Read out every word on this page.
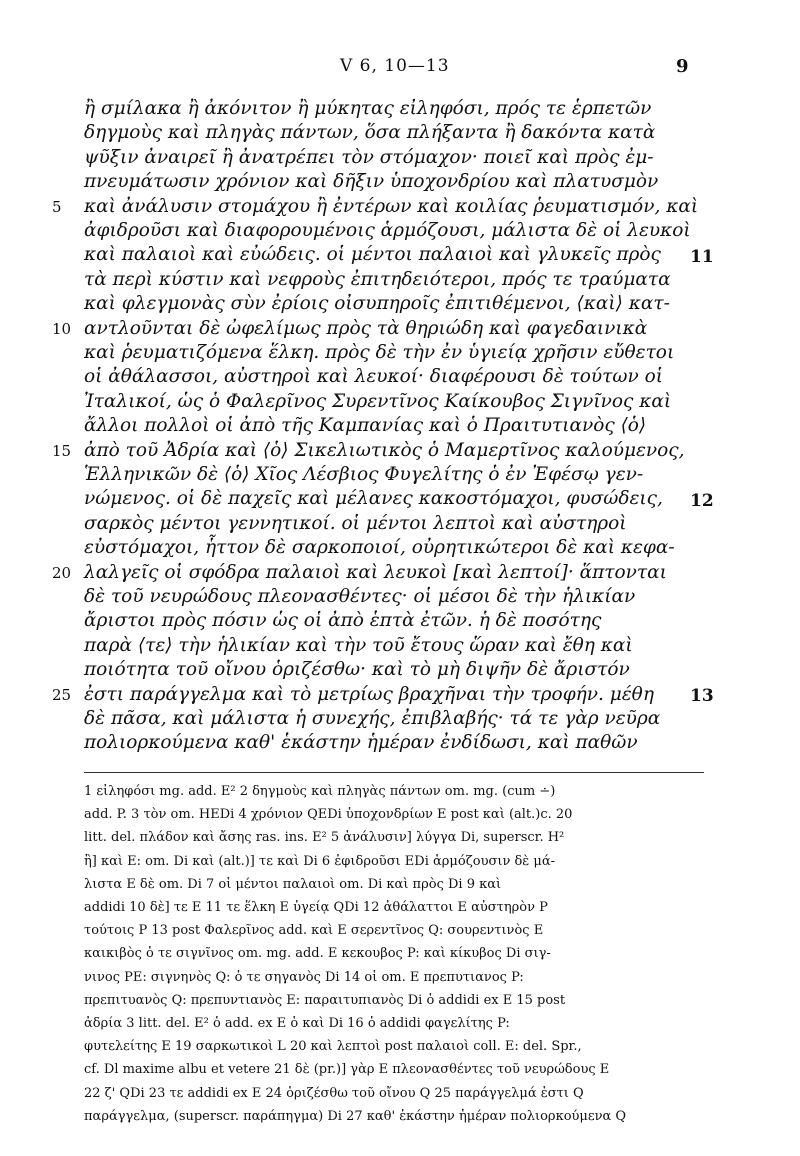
V 6, 10—13	9
ἢ σμίλακα ἢ ἀκόνιτον ἢ μύκητας εἰληφόσι, πρός τε ἑρπετῶν
δηγμοὺς καὶ πληγὰς πάντων, ὅσα πλήξαντα ἢ δακόντα κατὰ
ψῦξιν ἀναιρεῖ ἢ ἀνατρέπει τὸν στόμαχον· ποιεῖ καὶ πρὸς ἐμ-
πνευμάτωσιν χρόνιον καὶ δῆξιν ὑποχονδρίου καὶ πλατυσμὸν
καὶ ἀνάλυσιν στομάχου ἢ ἐντέρων καὶ κοιλίας ῥευματισμόν, καὶ
ἀφιδροῦσι καὶ διαφορουμένοις ἁρμόζουσι, μάλιστα δὲ οἱ λευκοὶ
καὶ παλαιοὶ καὶ εὐώδεις. οἱ μέντοι παλαιοὶ καὶ γλυκεῖς πρὸς
τὰ περὶ κύστιν καὶ νεφροὺς ἐπιτηδειότεροι, πρός τε τραύματα
καὶ φλεγμονὰς σὺν ἐρίοις οἰσυπηροῖς ἐπιτιθέμενοι, ⟨καὶ⟩ κατ-
αντλοῦνται δὲ ὠφελίμως πρὸς τὰ θηριώδη καὶ φαγεδαινικὰ
καὶ ῥευματιζόμενα ἕλκη. πρὸς δὲ τὴν ἐν ὑγιείᾳ χρῆσιν εὔθετοι
οἱ ἀθάλασσοι, αὐστηροὶ καὶ λευκοί· διαφέρουσι δὲ τούτων οἱ
Ἰταλικοί, ὡς ὁ Φαλερῖνος Συρεντῖνος Καίκουβος Σιγνῖνος καὶ
ἄλλοι πολλοὶ οἱ ἀπὸ τῆς Καμπανίας καὶ ὁ Πραιτυτιανὸς ⟨ὁ⟩
ἀπὸ τοῦ Ἀδρία καὶ ⟨ὁ⟩ Σικελιωτικὸς ὁ Μαμερτῖνος καλούμενος,
Ἑλληνικῶν δὲ ⟨ὁ⟩ Χῖος Λέσβιος Φυγελίτης ὁ ἐν Ἐφέσῳ γεν-
νώμενος. οἱ δὲ παχεῖς καὶ μέλανες κακοστόμαχοι, φυσώδεις,
σαρκὸς μέντοι γεννητικοί. οἱ μέντοι λεπτοὶ καὶ αὐστηροὶ
εὐστόμαχοι, ἧττον δὲ σαρκοποιοί, οὐρητικώτεροι δὲ καὶ κεφα-
λαλγεῖς οἱ σφόδρα παλαιοὶ καὶ λευκοὶ [καὶ λεπτοί]· ἅπτονται
δὲ τοῦ νευρώδους πλεονασθέντες· οἱ μέσοι δὲ τὴν ἡλικίαν
ἄριστοι πρὸς πόσιν ὡς οἱ ἀπὸ ἑπτὰ ἐτῶν. ἡ δὲ ποσότης
παρὰ ⟨τε⟩ τὴν ἡλικίαν καὶ τὴν τοῦ ἔτους ὥραν καὶ ἔθη καὶ
ποιότητα τοῦ οἴνου ὁριζέσθω· καὶ τὸ μὴ διψῆν δὲ ἄριστόν
ἐστι παράγγελμα καὶ τὸ μετρίως βραχῆναι τὴν τροφήν. μέθη
δὲ πᾶσα, καὶ μάλιστα ἡ συνεχής, ἐπιβλαβής· τά τε γὰρ νεῦρα
πολιορκούμενα καθ' ἑκάστην ἡμέραν ἐνδίδωσι, καὶ παθῶν
5
10
15
20
25
11
12
13
1 εἰληφόσι mg. add. E² 2 δηγμοὺς καὶ πληγὰς πάντων om. mg. (cum ∸)
add. P. 3 τὸν om. HEDi 4 χρόνιον QEDi ὑποχονδρίων E post καὶ (alt.)c. 20
litt. del. πλάδον καὶ ἄσης ras. ins. E² 5 ἀνάλυσιν] λύγγα Di, superscr. H²
ἢ] καὶ E: om. Di καὶ (alt.)] τε καὶ Di 6 ἐφιδροῦσι EDi ἁρμόζουσιν δὲ μά-
λιστα E δὲ om. Di 7 οἱ μέντοι παλαιοὶ om. Di καὶ πρὸς Di 9 καὶ
addidi 10 δὲ] τε E 11 τε ἕλκη E ὑγείᾳ QDi 12 ἀθάλαττοι E αὐστηρὸν P
τούτοις P 13 post Φαλερῖνος add. καὶ E σερεντῖνος Q: σουρεντινὸς E
καικιβὸς ὁ τε σιγνῖνος om. mg. add. E κεκουβος P: καὶ κίκυβος Di σιγ-
νινος PE: σιγνηνὸς Q: ὁ τε σηγανὸς Di 14 οἱ om. E πρεπυτιανος P:
πρεπιτυανὸς Q: πρεπυντιανὸς E: παραιτυπιανὸς Di ὁ addidi ex E 15 post
ἀδρία 3 litt. del. E² ὁ add. ex E ὁ καὶ Di 16 ὁ addidi φαγελίτης P:
φυτελείτης E 19 σαρκωτικοὶ L 20 καὶ λεπτοὶ post παλαιοὶ coll. E: del. Spr.,
cf. Dl maxime albu et vetere 21 δὲ (pr.)] γὰρ E πλεονασθέντες τοῦ νευρώδους E
22 ζ' QDi 23 τε addidi ex E 24 ὁριζέσθω τοῦ οἴνου Q 25 παράγγελμά ἐστι Q
παράγγελμα, (superscr. παράπηγμα) Di 27 καθ' ἑκάστην ἡμέραν πολιορκούμενα Q
